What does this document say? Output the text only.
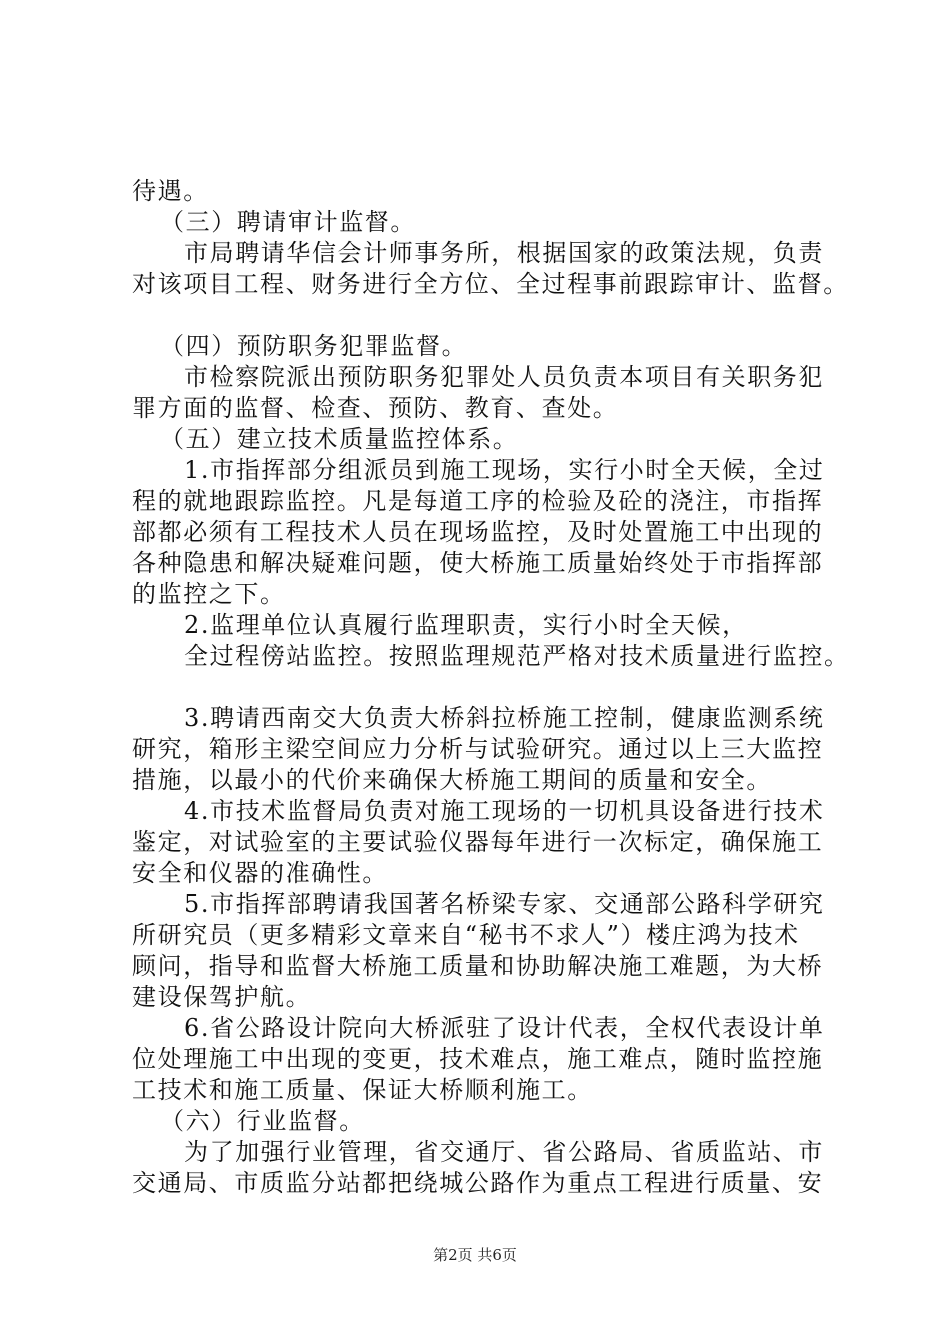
待遇。
（三）聘请审计监督。
市局聘请华信会计师事务所，根据国家的政策法规，负责
对该项目工程、财务进行全方位、全过程事前跟踪审计、监督。
（四）预防职务犯罪监督。
市检察院派出预防职务犯罪处人员负责本项目有关职务犯
罪方面的监督、检查、预防、教育、查处。
（五）建立技术质量监控体系。
1.市指挥部分组派员到施工现场，实行小时全天候，全过
程的就地跟踪监控。凡是每道工序的检验及砼的浇注，市指挥
部都必须有工程技术人员在现场监控，及时处置施工中出现的
各种隐患和解决疑难问题，使大桥施工质量始终处于市指挥部
的监控之下。
2.监理单位认真履行监理职责，实行小时全天候，
全过程傍站监控。按照监理规范严格对技术质量进行监控。
3.聘请西南交大负责大桥斜拉桥施工控制，健康监测系统
研究，箱形主梁空间应力分析与试验研究。通过以上三大监控
措施，以最小的代价来确保大桥施工期间的质量和安全。
4.市技术监督局负责对施工现场的一切机具设备进行技术
鉴定，对试验室的主要试验仪器每年进行一次标定，确保施工
安全和仪器的准确性。
5.市指挥部聘请我国著名桥梁专家、交通部公路科学研究
所研究员（更多精彩文章来自“秘书不求人”）楼庄鸿为技术
顾问，指导和监督大桥施工质量和协助解决施工难题，为大桥
建设保驾护航。
6.省公路设计院向大桥派驻了设计代表，全权代表设计单
位处理施工中出现的变更，技术难点，施工难点，随时监控施
工技术和施工质量、保证大桥顺利施工。
（六）行业监督。
为了加强行业管理，省交通厅、省公路局、省质监站、市
交通局、市质监分站都把绕城公路作为重点工程进行质量、安
第2页 共6页
